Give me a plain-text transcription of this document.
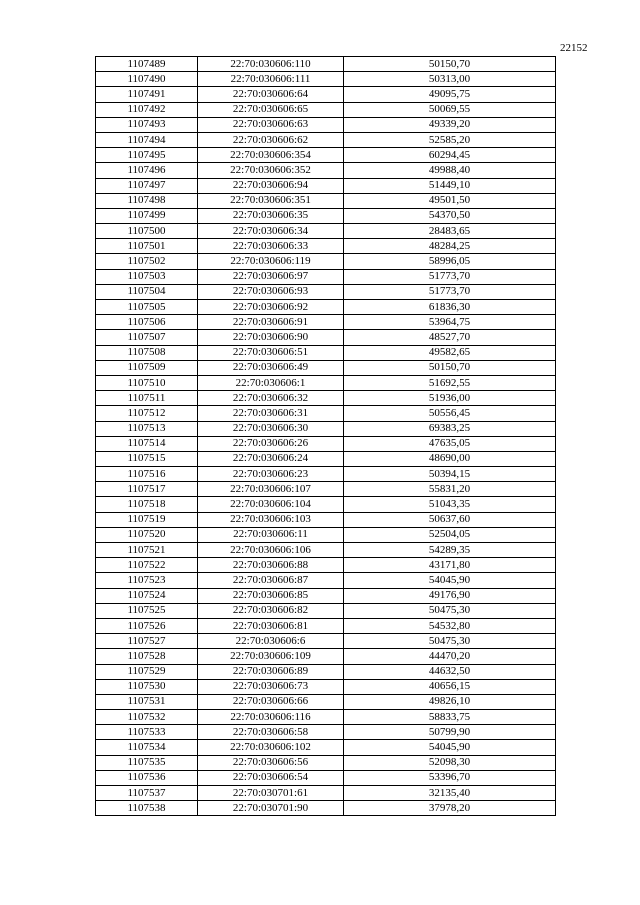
22152
1107489	22:70:030606:110	50150,70
1107490	22:70:030606:111	50313,00
1107491	22:70:030606:64	49095,75
1107492	22:70:030606:65	50069,55
1107493	22:70:030606:63	49339,20
1107494	22:70:030606:62	52585,20
1107495	22:70:030606:354	60294,45
1107496	22:70:030606:352	49988,40
1107497	22:70:030606:94	51449,10
1107498	22:70:030606:351	49501,50
1107499	22:70:030606:35	54370,50
1107500	22:70:030606:34	28483,65
1107501	22:70:030606:33	48284,25
1107502	22:70:030606:119	58996,05
1107503	22:70:030606:97	51773,70
1107504	22:70:030606:93	51773,70
1107505	22:70:030606:92	61836,30
1107506	22:70:030606:91	53964,75
1107507	22:70:030606:90	48527,70
1107508	22:70:030606:51	49582,65
1107509	22:70:030606:49	50150,70
1107510	22:70:030606:1	51692,55
1107511	22:70:030606:32	51936,00
1107512	22:70:030606:31	50556,45
1107513	22:70:030606:30	69383,25
1107514	22:70:030606:26	47635,05
1107515	22:70:030606:24	48690,00
1107516	22:70:030606:23	50394,15
1107517	22:70:030606:107	55831,20
1107518	22:70:030606:104	51043,35
1107519	22:70:030606:103	50637,60
1107520	22:70:030606:11	52504,05
1107521	22:70:030606:106	54289,35
1107522	22:70:030606:88	43171,80
1107523	22:70:030606:87	54045,90
1107524	22:70:030606:85	49176,90
1107525	22:70:030606:82	50475,30
1107526	22:70:030606:81	54532,80
1107527	22:70:030606:6	50475,30
1107528	22:70:030606:109	44470,20
1107529	22:70:030606:89	44632,50
1107530	22:70:030606:73	40656,15
1107531	22:70:030606:66	49826,10
1107532	22:70:030606:116	58833,75
1107533	22:70:030606:58	50799,90
1107534	22:70:030606:102	54045,90
1107535	22:70:030606:56	52098,30
1107536	22:70:030606:54	53396,70
1107537	22:70:030701:61	32135,40
1107538	22:70:030701:90	37978,20
